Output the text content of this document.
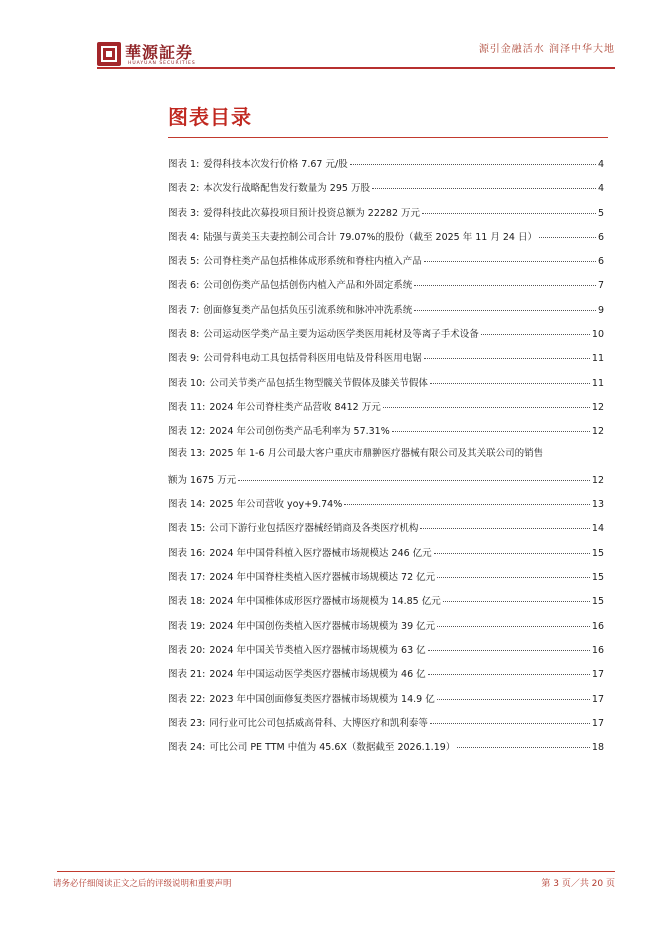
華源証券
HUAYUAN SECURITIES
源引金融活水 润泽中华大地
图表目录
图表 1: 爱得科技本次发行价格 7.67 元/股	4
图表 2: 本次发行战略配售发行数量为 295 万股	4
图表 3: 爱得科技此次募投项目预计投资总额为 22282 万元	5
图表 4: 陆强与黄美玉夫妻控制公司合计 79.07%的股份（截至 2025 年 11 月 24 日）	6
图表 5: 公司脊柱类产品包括椎体成形系统和脊柱内植入产品	6
图表 6: 公司创伤类产品包括创伤内植入产品和外固定系统	7
图表 7: 创面修复类产品包括负压引流系统和脉冲冲洗系统	9
图表 8: 公司运动医学类产品主要为运动医学类医用耗材及等离子手术设备	10
图表 9: 公司骨科电动工具包括骨科医用电钻及骨科医用电锯	11
图表 10: 公司关节类产品包括生物型髋关节假体及膝关节假体	11
图表 11: 2024 年公司脊柱类产品营收 8412 万元	12
图表 12: 2024 年公司创伤类产品毛利率为 57.31%	12
图表 13: 2025 年 1-6 月公司最大客户重庆市鼎翀医疗器械有限公司及其关联公司的销售
额为 1675 万元	12
图表 14: 2025 年公司营收 yoy+9.74%	13
图表 15: 公司下游行业包括医疗器械经销商及各类医疗机构	14
图表 16: 2024 年中国骨科植入医疗器械市场规模达 246 亿元	15
图表 17: 2024 年中国脊柱类植入医疗器械市场规模达 72 亿元	15
图表 18: 2024 年中国椎体成形医疗器械市场规模为 14.85 亿元	15
图表 19: 2024 年中国创伤类植入医疗器械市场规模为 39 亿元	16
图表 20: 2024 年中国关节类植入医疗器械市场规模为 63 亿	16
图表 21: 2024 年中国运动医学类医疗器械市场规模为 46 亿	17
图表 22: 2023 年中国创面修复类医疗器械市场规模为 14.9 亿	17
图表 23: 同行业可比公司包括威高骨科、大博医疗和凯利泰等	17
图表 24: 可比公司 PE TTM 中值为 45.6X（数据截至 2026.1.19）	18
请务必仔细阅读正文之后的评级说明和重要声明	第 3 页／共 20 页
